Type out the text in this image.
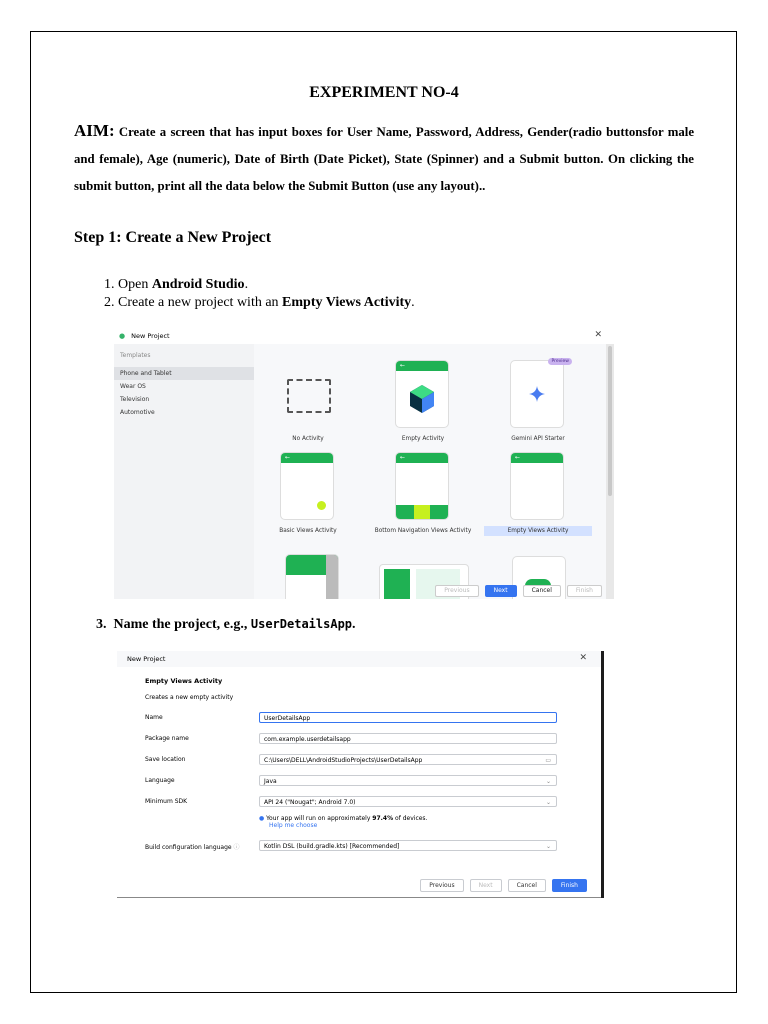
EXPERIMENT NO-4
AIM: Create a screen that has input boxes for User Name, Password, Address, Gender(radio buttonsfor male and female), Age (numeric), Date of Birth (Date Picket), State (Spinner) and a Submit button. On clicking the submit button, print all the data below the Submit Button (use any layout)..
Step 1: Create a New Project
1. Open Android Studio.
2. Create a new project with an Empty Views Activity.
● New Project	✕
Templates
Phone and Tablet
Wear OS
Television
Automotive
No Activity
←
Empty Activity
Preview
Gemini API Starter
←
Basic Views Activity
←
Bottom Navigation Views Activity
←
Empty Views Activity
Previous	Next	Cancel	Finish
3. Name the project, e.g., UserDetailsApp.
New Project	✕
Empty Views Activity
Creates a new empty activity
Name	UserDetailsApp
Package name	com.example.userdetailsapp
Save location	C:\Users\DELL\AndroidStudioProjects\UserDetailsApp	▭
Language	Java	⌄
Minimum SDK	API 24 ("Nougat"; Android 7.0)	⌄
● Your app will run on approximately 97.4% of devices.
Help me choose
Build configuration language ⓘ	Kotlin DSL (build.gradle.kts) [Recommended]	⌄
Previous	Next	Cancel	Finish
